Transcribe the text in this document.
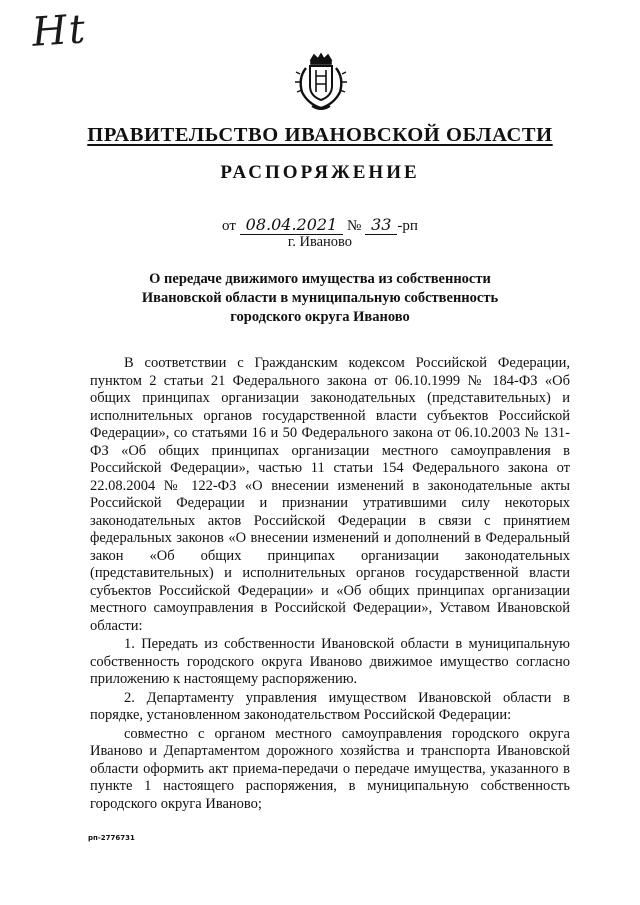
Ht
ПРАВИТЕЛЬСТВО ИВАНОВСКОЙ ОБЛАСТИ
РАСПОРЯЖЕНИЕ
от 08.04.2021 № 33 -рп
г. Иваново
О передаче движимого имущества из собственности
Ивановской области в муниципальную собственность
городского округа Иваново

В соответствии с Гражданским кодексом Российской Федерации, пунктом 2 статьи 21 Федерального закона от 06.10.1999 № 184-ФЗ «Об общих принципах организации законодательных (представительных) и исполнительных органов государственной власти субъектов Российской Федерации», со статьями 16 и 50 Федерального закона от 06.10.2003 № 131-ФЗ «Об общих принципах организации местного самоуправления в Российской Федерации», частью 11 статьи 154 Федерального закона от 22.08.2004 № 122-ФЗ «О внесении изменений в законодательные акты Российской Федерации и признании утратившими силу некоторых законодательных актов Российской Федерации в связи с принятием федеральных законов «О внесении изменений и дополнений в Федеральный закон «Об общих принципах организации законодательных (представительных) и исполнительных органов государственной власти субъектов Российской Федерации» и «Об общих принципах организации местного самоуправления в Российской Федерации», Уставом Ивановской области:

1. Передать из собственности Ивановской области в муниципальную собственность городского округа Иваново движимое имущество согласно приложению к настоящему распоряжению.

2. Департаменту управления имуществом Ивановской области в порядке, установленном законодательством Российской Федерации:

совместно с органом местного самоуправления городского округа Иваново и Департаментом дорожного хозяйства и транспорта Ивановской области оформить акт приема-передачи о передаче имущества, указанного в пункте 1 настоящего распоряжения, в муниципальную собственность городского округа Иваново;

рп-2776731
